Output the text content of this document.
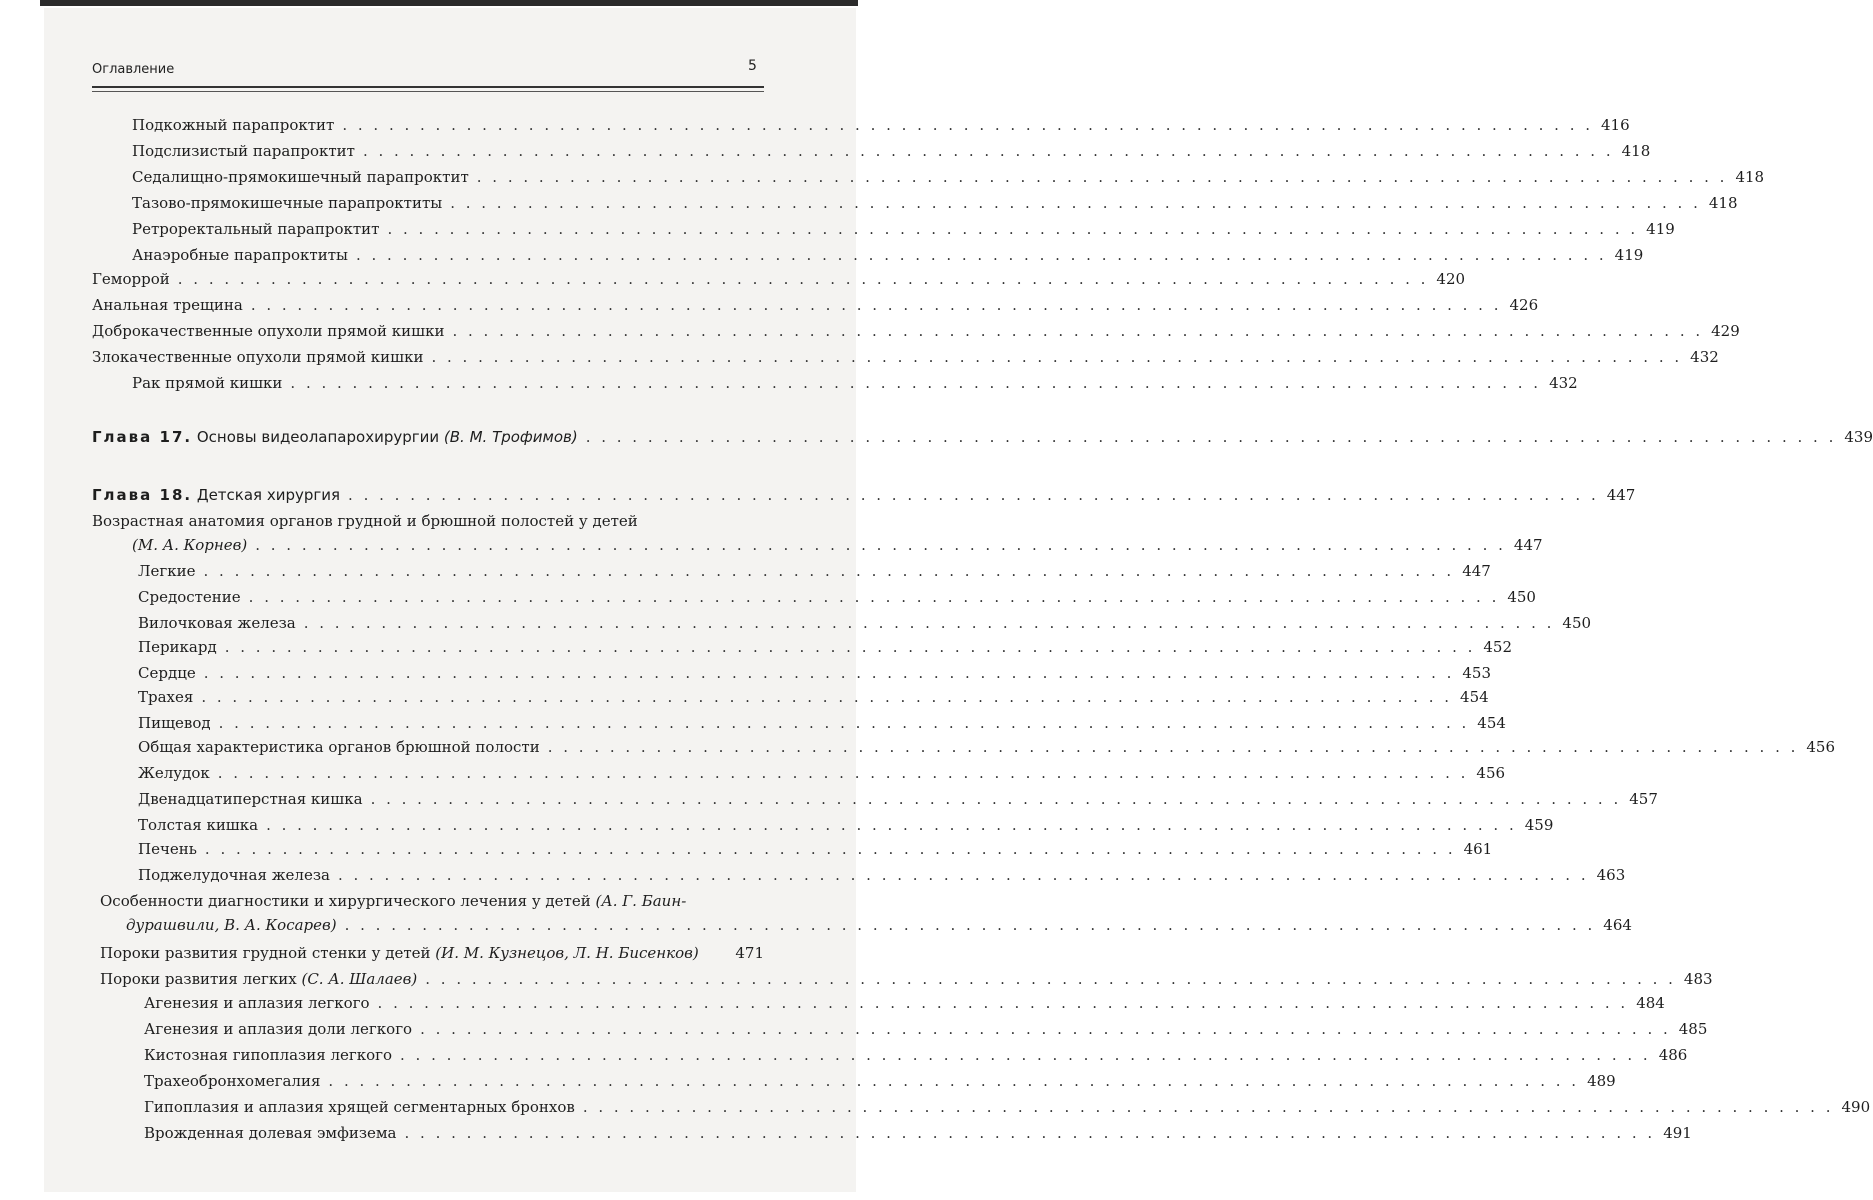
Оглавление	5
Подкожный парапроктит . . . . . . . . . . . . . . . . . . . . . . . . . . . . . . . . . . . . . . . . . . . . . . . . . . . . . . . . . . . . . . . . . . . . . . . . . . . . . . . . . 416
Подслизистый парапроктит . . . . . . . . . . . . . . . . . . . . . . . . . . . . . . . . . . . . . . . . . . . . . . . . . . . . . . . . . . . . . . . . . . . . . . . . . . . . . . . . . 418
Седалищно-прямокишечный парапроктит . . . . . . . . . . . . . . . . . . . . . . . . . . . . . . . . . . . . . . . . . . . . . . . . . . . . . . . . . . . . . . . . . . . . . . . . . . . . . . . . . 418
Тазово-прямокишечные парапроктиты . . . . . . . . . . . . . . . . . . . . . . . . . . . . . . . . . . . . . . . . . . . . . . . . . . . . . . . . . . . . . . . . . . . . . . . . . . . . . . . . . 418
Ретроректальный парапроктит . . . . . . . . . . . . . . . . . . . . . . . . . . . . . . . . . . . . . . . . . . . . . . . . . . . . . . . . . . . . . . . . . . . . . . . . . . . . . . . . . 419
Анаэробные парапроктиты . . . . . . . . . . . . . . . . . . . . . . . . . . . . . . . . . . . . . . . . . . . . . . . . . . . . . . . . . . . . . . . . . . . . . . . . . . . . . . . . . 419
Геморрой . . . . . . . . . . . . . . . . . . . . . . . . . . . . . . . . . . . . . . . . . . . . . . . . . . . . . . . . . . . . . . . . . . . . . . . . . . . . . . . . . 420
Анальная трещина . . . . . . . . . . . . . . . . . . . . . . . . . . . . . . . . . . . . . . . . . . . . . . . . . . . . . . . . . . . . . . . . . . . . . . . . . . . . . . . . . 426
Доброкачественные опухоли прямой кишки . . . . . . . . . . . . . . . . . . . . . . . . . . . . . . . . . . . . . . . . . . . . . . . . . . . . . . . . . . . . . . . . . . . . . . . . . . . . . . . . . 429
Злокачественные опухоли прямой кишки . . . . . . . . . . . . . . . . . . . . . . . . . . . . . . . . . . . . . . . . . . . . . . . . . . . . . . . . . . . . . . . . . . . . . . . . . . . . . . . . . 432
Рак прямой кишки . . . . . . . . . . . . . . . . . . . . . . . . . . . . . . . . . . . . . . . . . . . . . . . . . . . . . . . . . . . . . . . . . . . . . . . . . . . . . . . . . 432
Глава 17. Основы видеолапарохирургии (В. М. Трофимов) . . . . . . . . . . . . . . . . . . . . . . . . . . . . . . . . . . . . . . . . . . . . . . . . . . . . . . . . . . . . . . . . . . . . . . . . . . . . . . . . . 439
Глава 18. Детская хирургия . . . . . . . . . . . . . . . . . . . . . . . . . . . . . . . . . . . . . . . . . . . . . . . . . . . . . . . . . . . . . . . . . . . . . . . . . . . . . . . . . 447
Возрастная анатомия органов грудной и брюшной полостей у детей
(М. А. Корнев) . . . . . . . . . . . . . . . . . . . . . . . . . . . . . . . . . . . . . . . . . . . . . . . . . . . . . . . . . . . . . . . . . . . . . . . . . . . . . . . . . 447
Легкие . . . . . . . . . . . . . . . . . . . . . . . . . . . . . . . . . . . . . . . . . . . . . . . . . . . . . . . . . . . . . . . . . . . . . . . . . . . . . . . . . 447
Средостение . . . . . . . . . . . . . . . . . . . . . . . . . . . . . . . . . . . . . . . . . . . . . . . . . . . . . . . . . . . . . . . . . . . . . . . . . . . . . . . . . 450
Вилочковая железа . . . . . . . . . . . . . . . . . . . . . . . . . . . . . . . . . . . . . . . . . . . . . . . . . . . . . . . . . . . . . . . . . . . . . . . . . . . . . . . . . 450
Перикард . . . . . . . . . . . . . . . . . . . . . . . . . . . . . . . . . . . . . . . . . . . . . . . . . . . . . . . . . . . . . . . . . . . . . . . . . . . . . . . . . 452
Сердце . . . . . . . . . . . . . . . . . . . . . . . . . . . . . . . . . . . . . . . . . . . . . . . . . . . . . . . . . . . . . . . . . . . . . . . . . . . . . . . . . 453
Трахея . . . . . . . . . . . . . . . . . . . . . . . . . . . . . . . . . . . . . . . . . . . . . . . . . . . . . . . . . . . . . . . . . . . . . . . . . . . . . . . . . 454
Пищевод . . . . . . . . . . . . . . . . . . . . . . . . . . . . . . . . . . . . . . . . . . . . . . . . . . . . . . . . . . . . . . . . . . . . . . . . . . . . . . . . . 454
Общая характеристика органов брюшной полости . . . . . . . . . . . . . . . . . . . . . . . . . . . . . . . . . . . . . . . . . . . . . . . . . . . . . . . . . . . . . . . . . . . . . . . . . . . . . . . . . 456
Желудок . . . . . . . . . . . . . . . . . . . . . . . . . . . . . . . . . . . . . . . . . . . . . . . . . . . . . . . . . . . . . . . . . . . . . . . . . . . . . . . . . 456
Двенадцатиперстная кишка . . . . . . . . . . . . . . . . . . . . . . . . . . . . . . . . . . . . . . . . . . . . . . . . . . . . . . . . . . . . . . . . . . . . . . . . . . . . . . . . . 457
Толстая кишка . . . . . . . . . . . . . . . . . . . . . . . . . . . . . . . . . . . . . . . . . . . . . . . . . . . . . . . . . . . . . . . . . . . . . . . . . . . . . . . . . 459
Печень . . . . . . . . . . . . . . . . . . . . . . . . . . . . . . . . . . . . . . . . . . . . . . . . . . . . . . . . . . . . . . . . . . . . . . . . . . . . . . . . . 461
Поджелудочная железа . . . . . . . . . . . . . . . . . . . . . . . . . . . . . . . . . . . . . . . . . . . . . . . . . . . . . . . . . . . . . . . . . . . . . . . . . . . . . . . . . 463
Особенности диагностики и хирургического лечения у детей (А. Г. Баин-
дурашвили, В. А. Косарев) . . . . . . . . . . . . . . . . . . . . . . . . . . . . . . . . . . . . . . . . . . . . . . . . . . . . . . . . . . . . . . . . . . . . . . . . . . . . . . . . . 464
Пороки развития грудной стенки у детей (И. М. Кузнецов, Л. Н. Бисенков)	471
Пороки развития легких (С. А. Шалаев) . . . . . . . . . . . . . . . . . . . . . . . . . . . . . . . . . . . . . . . . . . . . . . . . . . . . . . . . . . . . . . . . . . . . . . . . . . . . . . . . . 483
Агенезия и аплазия легкого . . . . . . . . . . . . . . . . . . . . . . . . . . . . . . . . . . . . . . . . . . . . . . . . . . . . . . . . . . . . . . . . . . . . . . . . . . . . . . . . . 484
Агенезия и аплазия доли легкого . . . . . . . . . . . . . . . . . . . . . . . . . . . . . . . . . . . . . . . . . . . . . . . . . . . . . . . . . . . . . . . . . . . . . . . . . . . . . . . . . 485
Кистозная гипоплазия легкого . . . . . . . . . . . . . . . . . . . . . . . . . . . . . . . . . . . . . . . . . . . . . . . . . . . . . . . . . . . . . . . . . . . . . . . . . . . . . . . . . 486
Трахеобронхомегалия . . . . . . . . . . . . . . . . . . . . . . . . . . . . . . . . . . . . . . . . . . . . . . . . . . . . . . . . . . . . . . . . . . . . . . . . . . . . . . . . . 489
Гипоплазия и аплазия хрящей сегментарных бронхов . . . . . . . . . . . . . . . . . . . . . . . . . . . . . . . . . . . . . . . . . . . . . . . . . . . . . . . . . . . . . . . . . . . . . . . . . . . . . . . . . 490
Врожденная долевая эмфизема . . . . . . . . . . . . . . . . . . . . . . . . . . . . . . . . . . . . . . . . . . . . . . . . . . . . . . . . . . . . . . . . . . . . . . . . . . . . . . . . . 491
